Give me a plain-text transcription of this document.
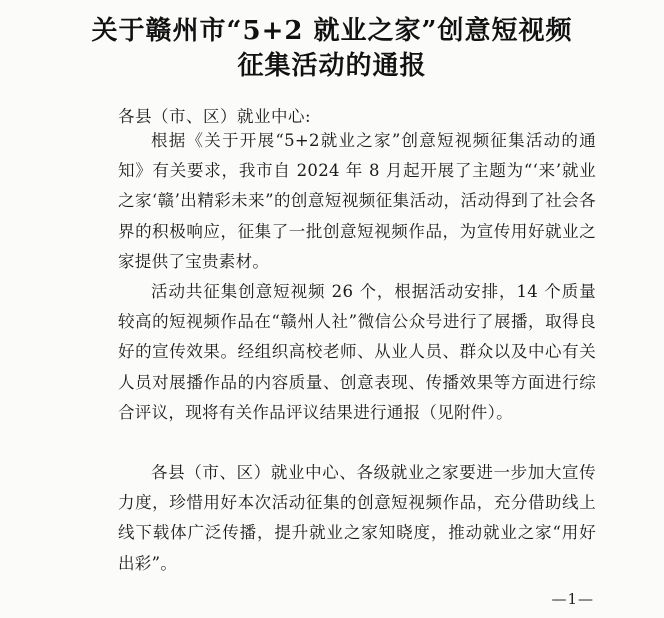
关于赣州市“5+2 就业之家”创意短视频
征集活动的通报
各县（市、区）就业中心:
根据《关于开展“5+2就业之家”创意短视频征集活动的通知》有关要求，我市自 2024 年 8 月起开展了主题为“‘来’就业之家‘赣’出精彩未来”的创意短视频征集活动，活动得到了社会各界的积极响应，征集了一批创意短视频作品，为宣传用好就业之家提供了宝贵素材。
活动共征集创意短视频 26 个，根据活动安排，14 个质量较高的短视频作品在“赣州人社”微信公众号进行了展播，取得良好的宣传效果。经组织高校老师、从业人员、群众以及中心有关人员对展播作品的内容质量、创意表现、传播效果等方面进行综合评议，现将有关作品评议结果进行通报（见附件）。
各县（市、区）就业中心、各级就业之家要进一步加大宣传力度，珍惜用好本次活动征集的创意短视频作品，充分借助线上线下载体广泛传播，提升就业之家知晓度，推动就业之家“用好出彩”。
—1—
